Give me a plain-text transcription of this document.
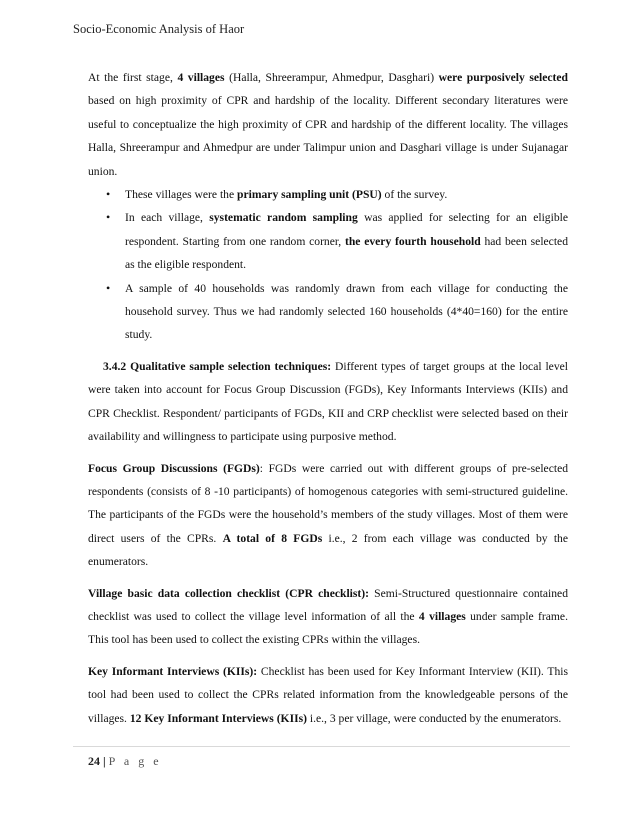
Socio-Economic Analysis of Haor

At the first stage, 4 villages (Halla, Shreerampur, Ahmedpur, Dasghari) were purposively selected based on high proximity of CPR and hardship of the locality. Different secondary literatures were useful to conceptualize the high proximity of CPR and hardship of the different locality. The villages Halla, Shreerampur and Ahmedpur are under Talimpur union and Dasghari village is under Sujanagar union.

• These villages were the primary sampling unit (PSU) of the survey.
• In each village, systematic random sampling was applied for selecting for an eligible respondent. Starting from one random corner, the every fourth household had been selected as the eligible respondent.
• A sample of 40 households was randomly drawn from each village for conducting the household survey. Thus we had randomly selected 160 households (4*40=160) for the entire study.

3.4.2 Qualitative sample selection techniques: Different types of target groups at the local level were taken into account for Focus Group Discussion (FGDs), Key Informants Interviews (KIIs) and CPR Checklist. Respondent/ participants of FGDs, KII and CRP checklist were selected based on their availability and willingness to participate using purposive method.

Focus Group Discussions (FGDs): FGDs were carried out with different groups of pre-selected respondents (consists of 8 -10 participants) of homogenous categories with semi-structured guideline. The participants of the FGDs were the household’s members of the study villages. Most of them were direct users of the CPRs. A total of 8 FGDs i.e., 2 from each village was conducted by the enumerators.

Village basic data collection checklist (CPR checklist): Semi-Structured questionnaire contained checklist was used to collect the village level information of all the 4 villages under sample frame. This tool has been used to collect the existing CPRs within the villages.

Key Informant Interviews (KIIs): Checklist has been used for Key Informant Interview (KII). This tool had been used to collect the CPRs related information from the knowledgeable persons of the villages. 12 Key Informant Interviews (KIIs) i.e., 3 per village, were conducted by the enumerators.

24 | P a g e
